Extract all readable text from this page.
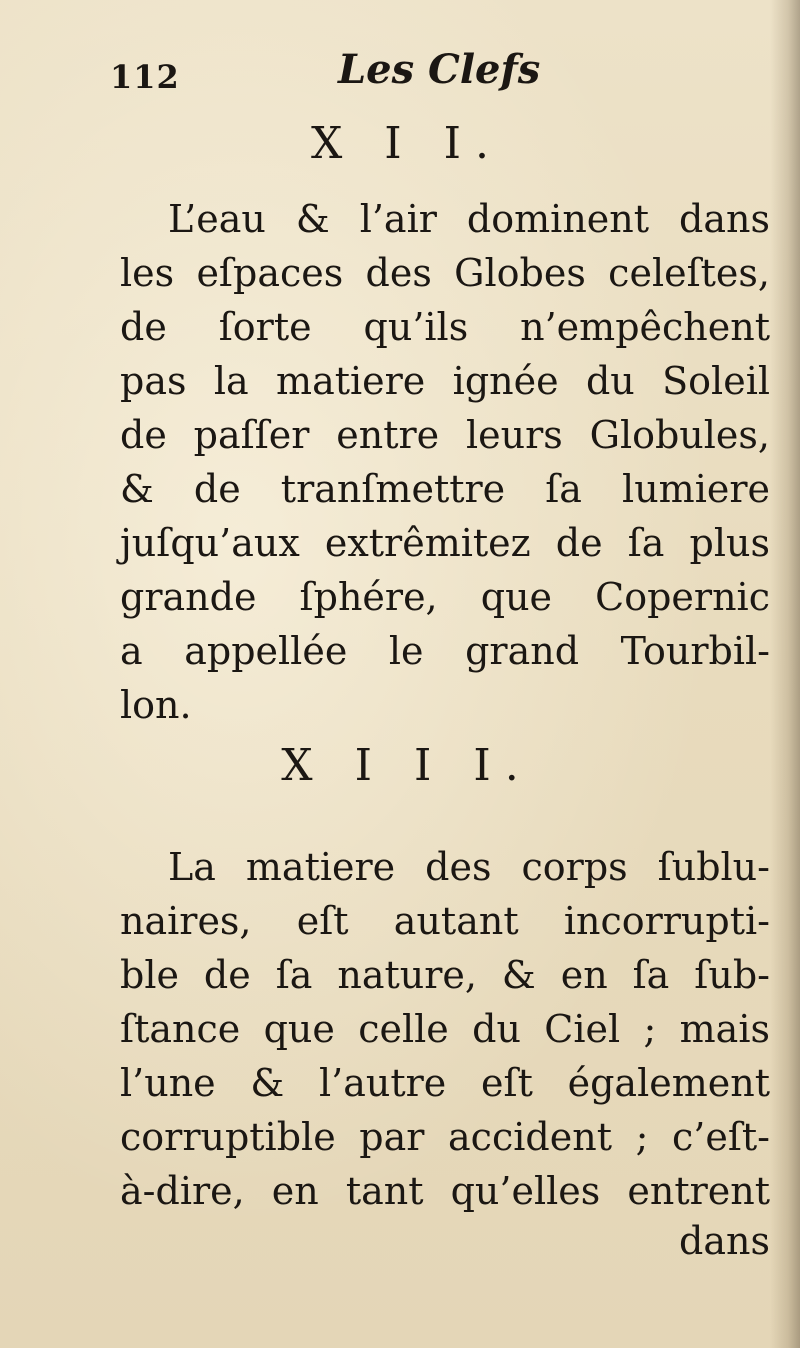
112	Les Clefs
X I I.

L’eau & l’air dominent dans
les eſpaces des Globes celeſtes,
de ſorte qu’ils n’empêchent
pas la matiere ignée du Soleil
de paſſer entre leurs Globules,
& de tranſmettre ſa lumiere
juſqu’aux extrêmitez de ſa plus
grande ſphére, que Copernic
a appellée le grand Tourbil-
lon.

X I I I.

La matiere des corps ſublu-
naires, eſt autant incorrupti-
ble de ſa nature, & en ſa ſub-
ſtance que celle du Ciel ; mais
l’une & l’autre eſt également
corruptible par accident ; c’eſt-
à-dire, en tant qu’elles entrent

dans
